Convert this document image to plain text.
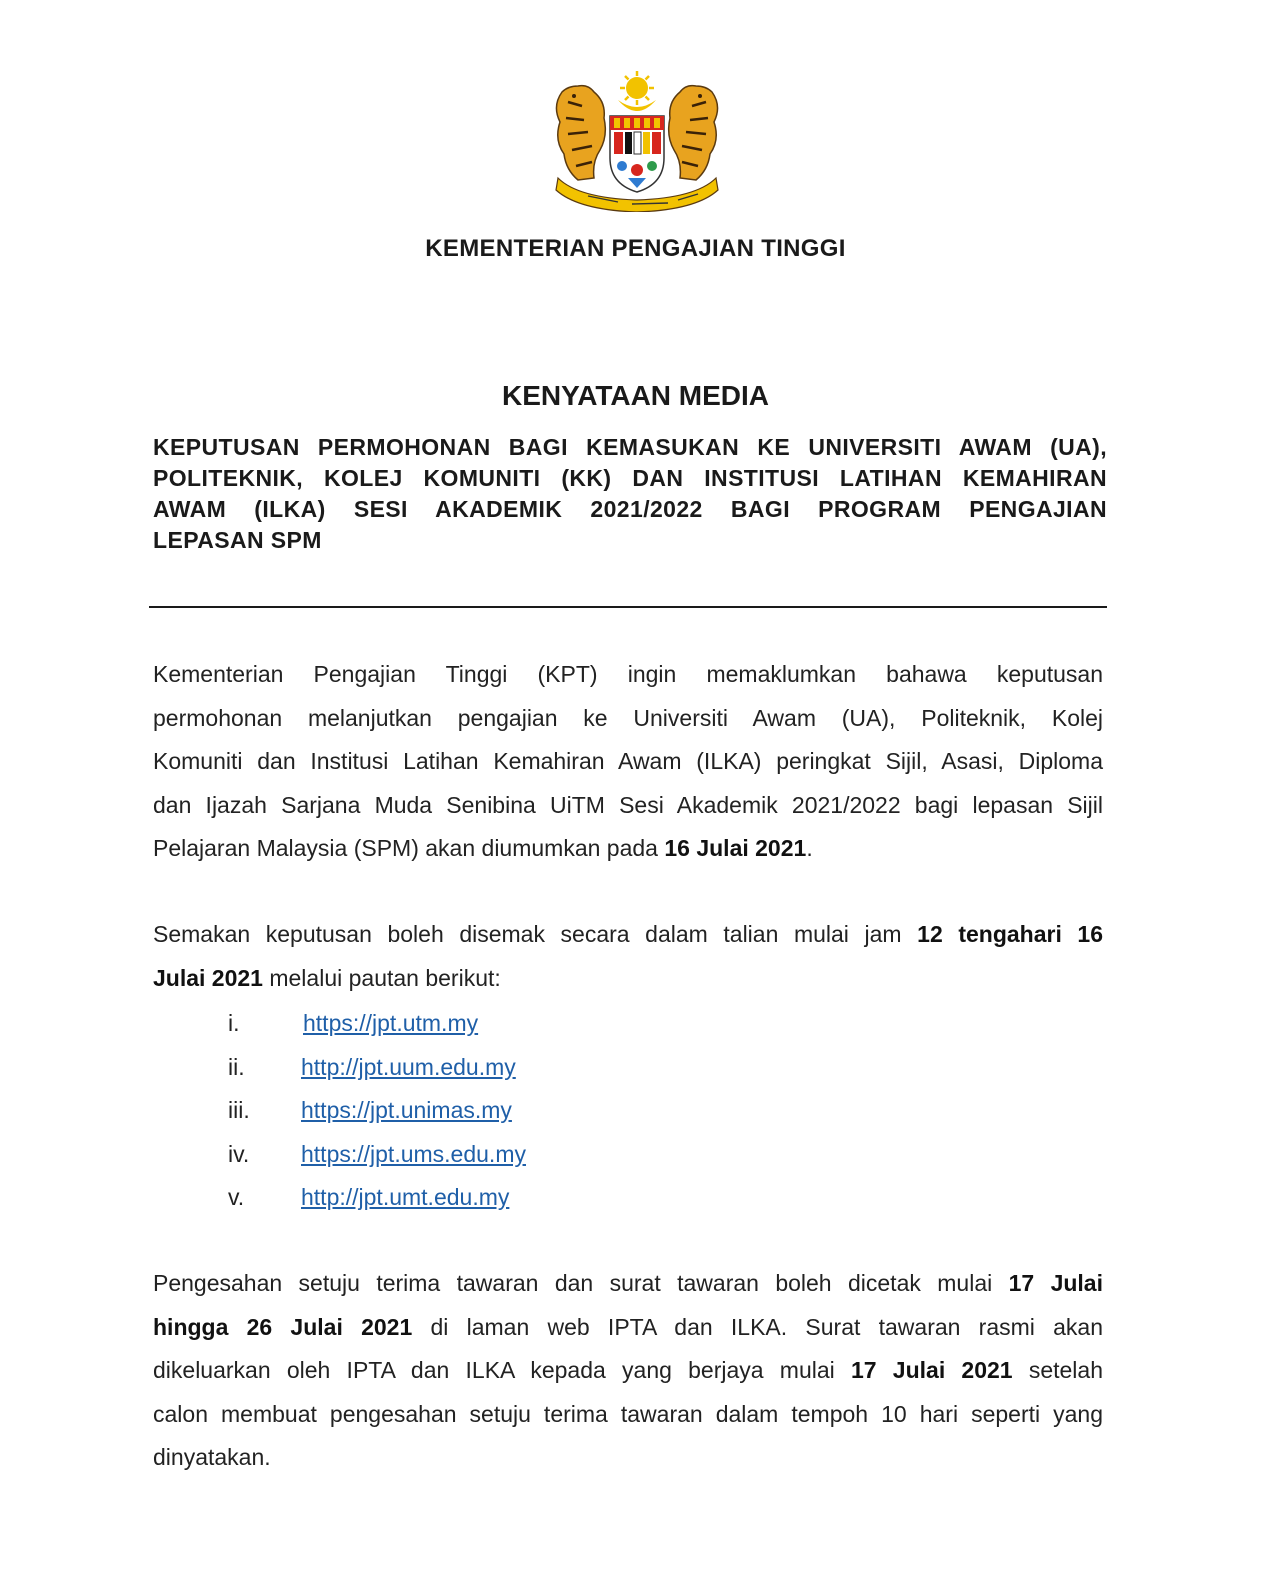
KEMENTERIAN PENGAJIAN TINGGI
KENYATAAN MEDIA
KEPUTUSAN PERMOHONAN BAGI KEMASUKAN KE UNIVERSITI AWAM (UA),
POLITEKNIK, KOLEJ KOMUNITI (KK) DAN INSTITUSI LATIHAN KEMAHIRAN
AWAM (ILKA) SESI AKADEMIK 2021/2022 BAGI PROGRAM PENGAJIAN
LEPASAN SPM
Kementerian Pengajian Tinggi (KPT) ingin memaklumkan bahawa keputusan
permohonan melanjutkan pengajian ke Universiti Awam (UA), Politeknik, Kolej
Komuniti dan Institusi Latihan Kemahiran Awam (ILKA) peringkat Sijil, Asasi, Diploma
dan Ijazah Sarjana Muda Senibina UiTM Sesi Akademik 2021/2022 bagi lepasan Sijil
Pelajaran Malaysia (SPM) akan diumumkan pada 16 Julai 2021.
Semakan keputusan boleh disemak secara dalam talian mulai jam 12 tengahari 16
Julai 2021 melalui pautan berikut:
i.	https://jpt.utm.my
ii. http://jpt.uum.edu.my
iii. https://jpt.unimas.my
iv. https://jpt.ums.edu.my
v. http://jpt.umt.edu.my
Pengesahan setuju terima tawaran dan surat tawaran boleh dicetak mulai 17 Julai
hingga 26 Julai 2021 di laman web IPTA dan ILKA. Surat tawaran rasmi akan
dikeluarkan oleh IPTA dan ILKA kepada yang berjaya mulai 17 Julai 2021 setelah
calon membuat pengesahan setuju terima tawaran dalam tempoh 10 hari seperti yang
dinyatakan.
